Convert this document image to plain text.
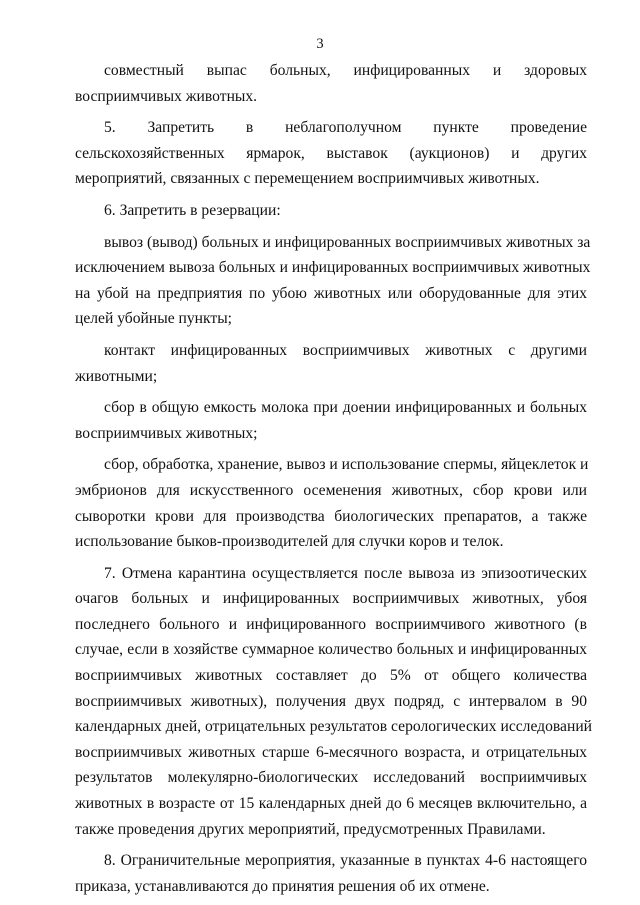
3
совместный выпас больных, инфицированных и здоровых
восприимчивых животных.
5. Запретить в неблагополучном пункте проведение
сельскохозяйственных ярмарок, выставок (аукционов) и других
мероприятий, связанных с перемещением восприимчивых животных.
6. Запретить в резервации:
вывоз (вывод) больных и инфицированных восприимчивых животных за
исключением вывоза больных и инфицированных восприимчивых животных
на убой на предприятия по убою животных или оборудованные для этих
целей убойные пункты;
контакт инфицированных восприимчивых животных с другими
животными;
сбор в общую емкость молока при доении инфицированных и больных
восприимчивых животных;
сбор, обработка, хранение, вывоз и использование спермы, яйцеклеток и
эмбрионов для искусственного осеменения животных, сбор крови или
сыворотки крови для производства биологических препаратов, а также
использование быков-производителей для случки коров и телок.
7. Отмена карантина осуществляется после вывоза из эпизоотических
очагов больных и инфицированных восприимчивых животных, убоя
последнего больного и инфицированного восприимчивого животного (в
случае, если в хозяйстве суммарное количество больных и инфицированных
восприимчивых животных составляет до 5% от общего количества
восприимчивых животных), получения двух подряд, с интервалом в 90
календарных дней, отрицательных результатов серологических исследований
восприимчивых животных старше 6-месячного возраста, и отрицательных
результатов молекулярно-биологических исследований восприимчивых
животных в возрасте от 15 календарных дней до 6 месяцев включительно, а
также проведения других мероприятий, предусмотренных Правилами.
8. Ограничительные мероприятия, указанные в пунктах 4-6 настоящего
приказа, устанавливаются до принятия решения об их отмене.
